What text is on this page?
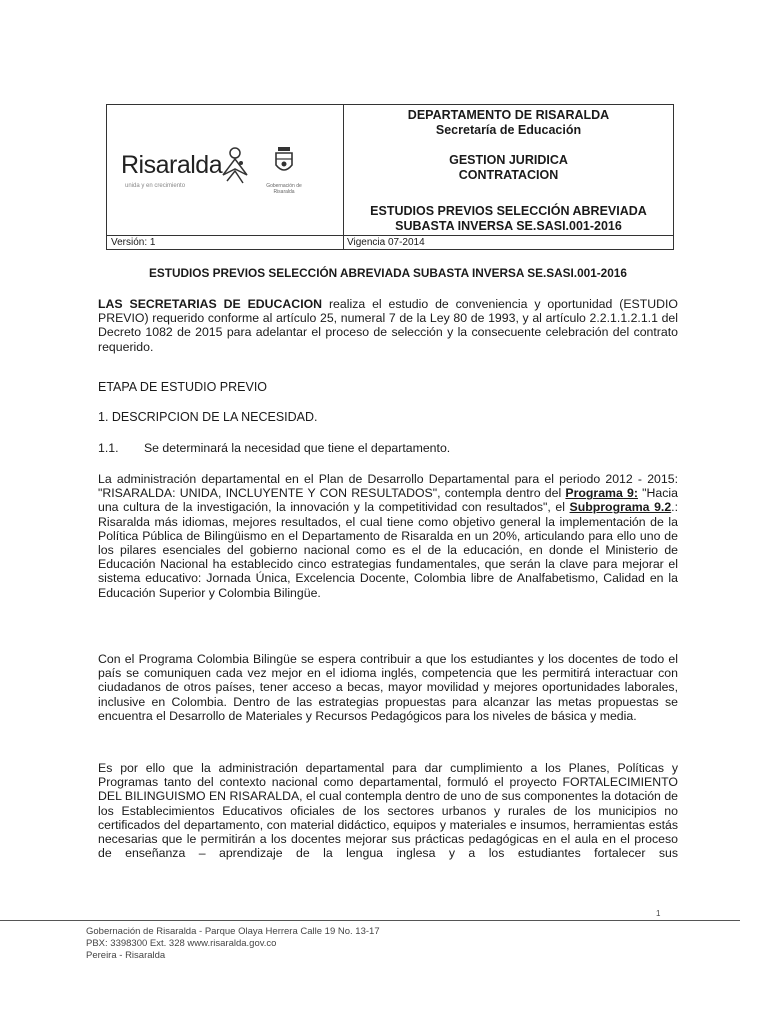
Risaralda
unida y en crecimiento	Gobernación de Risaralda
DEPARTAMENTO DE RISARALDA
Secretaría de Educación
GESTION JURIDICA
CONTRATACION
ESTUDIOS PREVIOS SELECCIÓN ABREVIADA
SUBASTA INVERSA SE.SASI.001-2016
Versión: 1	Vigencia 07-2014
ESTUDIOS PREVIOS SELECCIÓN ABREVIADA SUBASTA INVERSA SE.SASI.001-2016
LAS SECRETARIAS DE EDUCACION realiza el estudio de conveniencia y oportunidad (ESTUDIO PREVIO) requerido conforme al artículo 25, numeral 7 de la Ley 80 de 1993, y al artículo 2.2.1.1.2.1.1 del Decreto 1082 de 2015 para adelantar el proceso de selección y la consecuente celebración del contrato requerido.
ETAPA DE ESTUDIO PREVIO
1. DESCRIPCION DE LA NECESIDAD.
1.1. Se determinará la necesidad que tiene el departamento.
La administración departamental en el Plan de Desarrollo Departamental para el periodo 2012 - 2015: "RISARALDA: UNIDA, INCLUYENTE Y CON RESULTADOS", contempla dentro del Programa 9: "Hacia una cultura de la investigación, la innovación y la competitividad con resultados", el Subprograma 9.2.: Risaralda más idiomas, mejores resultados, el cual tiene como objetivo general la implementación de la Política Pública de Bilingüismo en el Departamento de Risaralda en un 20%, articulando para ello uno de los pilares esenciales del gobierno nacional como es el de la educación, en donde el Ministerio de Educación Nacional ha establecido cinco estrategias fundamentales, que serán la clave para mejorar el sistema educativo: Jornada Única, Excelencia Docente, Colombia libre de Analfabetismo, Calidad en la Educación Superior y Colombia Bilingüe.
Con el Programa Colombia Bilingüe se espera contribuir a que los estudiantes y los docentes de todo el país se comuniquen cada vez mejor en el idioma inglés, competencia que les permitirá interactuar con ciudadanos de otros países, tener acceso a becas, mayor movilidad y mejores oportunidades laborales, inclusive en Colombia. Dentro de las estrategias propuestas para alcanzar las metas propuestas se encuentra el Desarrollo de Materiales y Recursos Pedagógicos para los niveles de básica y media.
Es por ello que la administración departamental para dar cumplimiento a los Planes, Políticas y Programas tanto del contexto nacional como departamental, formuló el proyecto FORTALECIMIENTO DEL BILINGUISMO EN RISARALDA, el cual contempla dentro de uno de sus componentes la dotación de los Establecimientos Educativos oficiales de los sectores urbanos y rurales de los municipios no certificados del departamento, con material didáctico, equipos y materiales e insumos, herramientas estás necesarias que le permitirán a los docentes mejorar sus prácticas pedagógicas en el aula en el proceso de enseñanza – aprendizaje de la lengua inglesa y a los estudiantes fortalecer sus
1
Gobernación de Risaralda - Parque Olaya Herrera Calle 19 No. 13-17
PBX: 3398300 Ext. 328 www.risaralda.gov.co
Pereira - Risaralda
